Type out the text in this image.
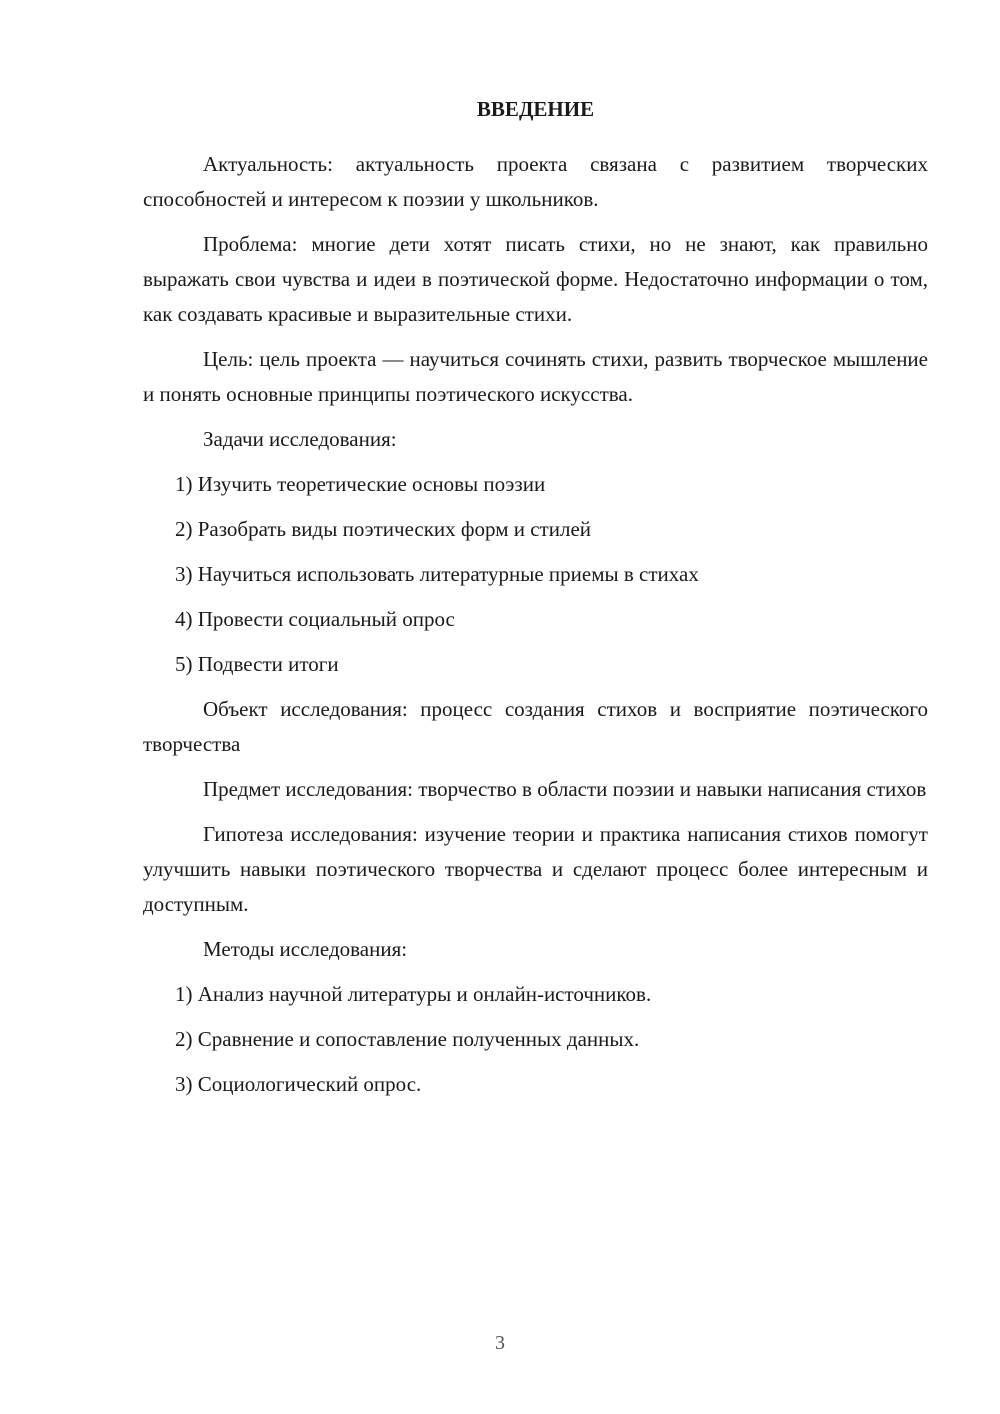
ВВЕДЕНИЕ

Актуальность: актуальность проекта связана с развитием творческих способностей и интересом к поэзии у школьников.

Проблема: многие дети хотят писать стихи, но не знают, как правильно выражать свои чувства и идеи в поэтической форме. Недостаточно информации о том, как создавать красивые и выразительные стихи.

Цель: цель проекта — научиться сочинять стихи, развить творческое мышление и понять основные принципы поэтического искусства.

Задачи исследования:

1) Изучить теоретические основы поэзии
2) Разобрать виды поэтических форм и стилей
3) Научиться использовать литературные приемы в стихах
4) Провести социальный опрос
5) Подвести итоги

Объект исследования: процесс создания стихов и восприятие поэтического творчества

Предмет исследования: творчество в области поэзии и навыки написания стихов

Гипотеза исследования: изучение теории и практика написания стихов помогут улучшить навыки поэтического творчества и сделают процесс более интересным и доступным.

Методы исследования:

1) Анализ научной литературы и онлайн-источников.
2) Сравнение и сопоставление полученных данных.
3) Социологический опрос.
3
